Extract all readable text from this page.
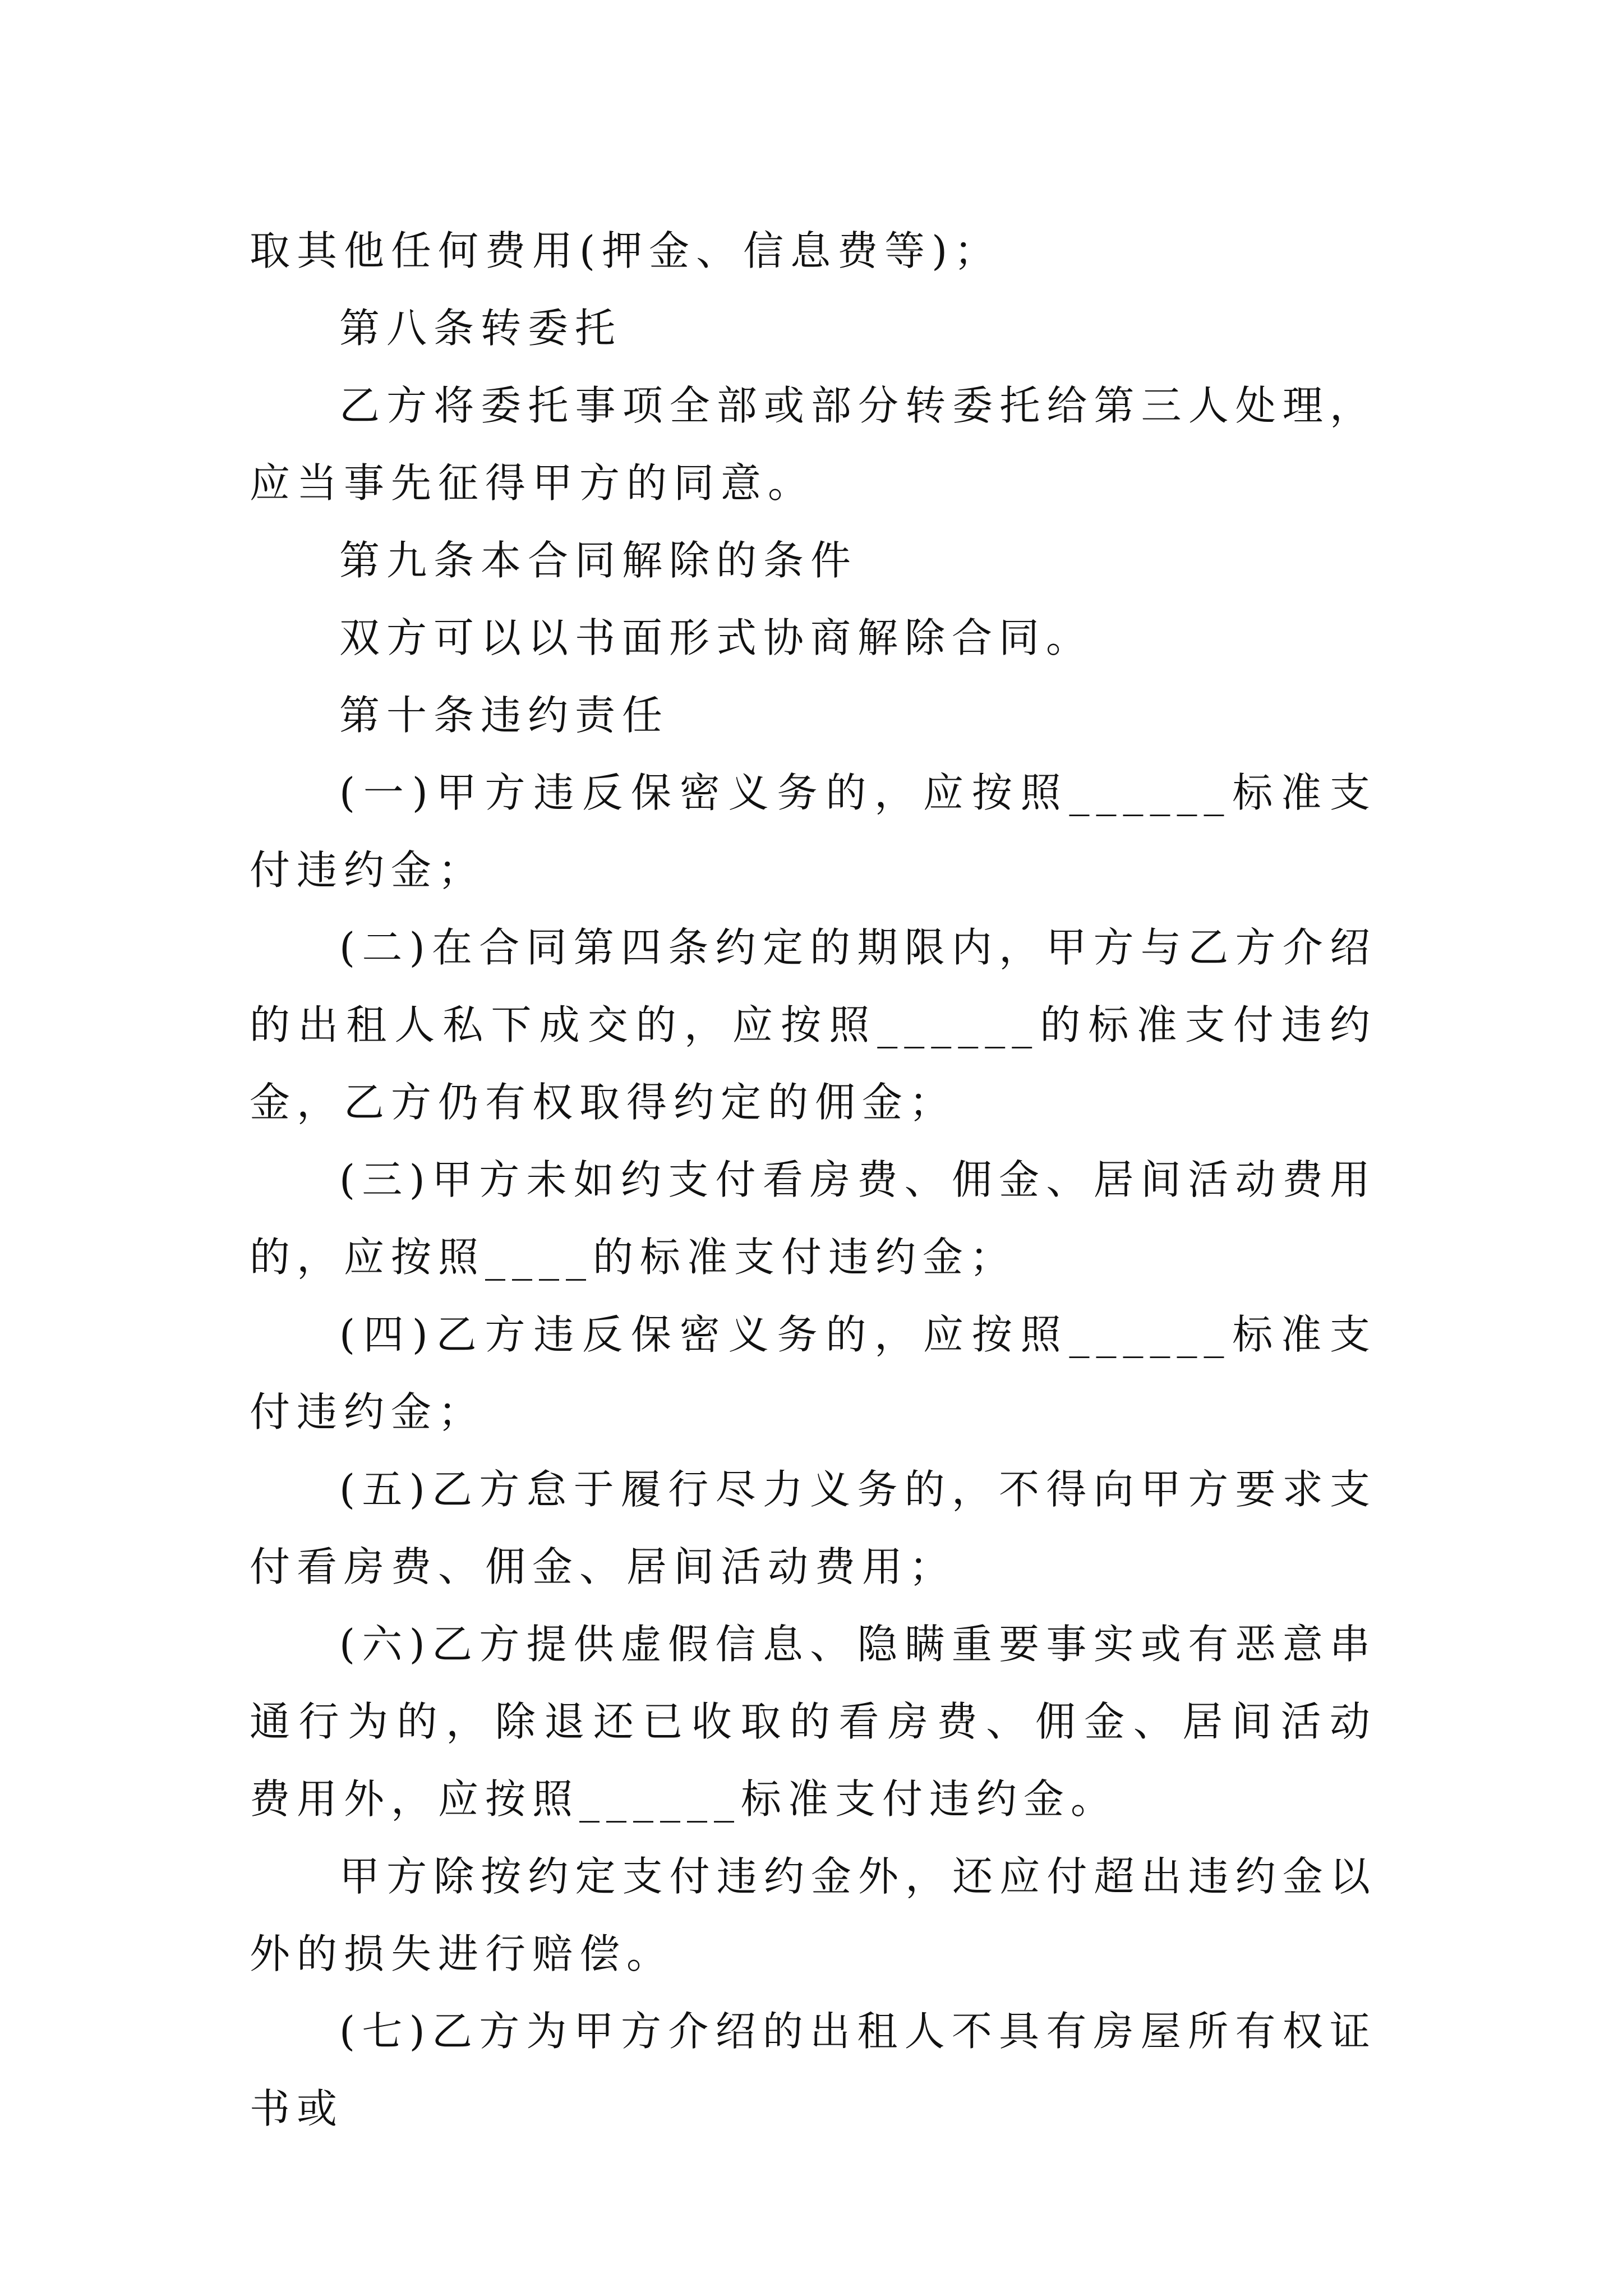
取其他任何费用(押金、信息费等)；

第八条转委托

乙方将委托事项全部或部分转委托给第三人处理，应当事先征得甲方的同意。

第九条本合同解除的条件

双方可以以书面形式协商解除合同。

第十条违约责任

(一)甲方违反保密义务的，应按照______标准支付违约金；

(二)在合同第四条约定的期限内，甲方与乙方介绍的出租人私下成交的，应按照______的标准支付违约金，乙方仍有权取得约定的佣金；

(三)甲方未如约支付看房费、佣金、居间活动费用的，应按照____的标准支付违约金；

(四)乙方违反保密义务的，应按照______标准支付违约金；

(五)乙方怠于履行尽力义务的，不得向甲方要求支付看房费、佣金、居间活动费用；

(六)乙方提供虚假信息、隐瞒重要事实或有恶意串通行为的，除退还已收取的看房费、佣金、居间活动费用外，应按照______标准支付违约金。

甲方除按约定支付违约金外，还应付超出违约金以外的损失进行赔偿。

(七)乙方为甲方介绍的出租人不具有房屋所有权证书或
